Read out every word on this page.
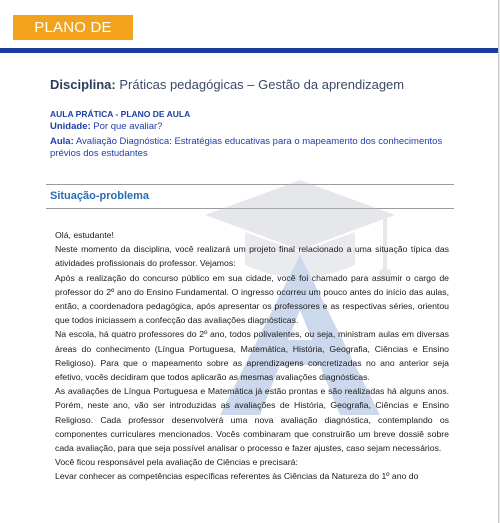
PLANO DE
Disciplina: Práticas pedagógicas – Gestão da aprendizagem
AULA PRÁTICA - PLANO DE AULA
Unidade: Por que avaliar?
Aula: Avaliação Diagnóstica: Estratégias educativas para o mapeamento dos conhecimentos prévios dos estudantes
Situação-problema

Olá, estudante!

Neste momento da disciplina, você realizará um projeto final relacionado a uma situação típica das atividades profissionais do professor. Vejamos:

Após a realização do concurso público em sua cidade, você foi chamado para assumir o cargo de professor do 2º ano do Ensino Fundamental. O ingresso ocorreu um pouco antes do início das aulas, então, a coordenadora pedagógica, após apresentar os professores e as respectivas séries, orientou que todos iniciassem a confecção das avaliações diagnósticas.

Na escola, há quatro professores do 2º ano, todos polivalentes, ou seja, ministram aulas em diversas áreas do conhecimento (Língua Portuguesa, Matemática, História, Geografia, Ciências e Ensino Religioso). Para que o mapeamento sobre as aprendizagens concretizadas no ano anterior seja efetivo, vocês decidiram que todos aplicarão as mesmas avaliações diagnósticas.

As avaliações de Língua Portuguesa e Matemática já estão prontas e são realizadas há alguns anos. Porém, neste ano, vão ser introduzidas as avaliações de História, Geografia, Ciências e Ensino Religioso. Cada professor desenvolverá uma nova avaliação diagnóstica, contemplando os componentes curriculares mencionados. Vocês combinaram que construirão um breve dossiê sobre cada avaliação, para que seja possível analisar o processo e fazer ajustes, caso sejam necessários.

Você ficou responsável pela avaliação de Ciências e precisará:

Levar conhecer as competências específicas referentes às Ciências da Natureza do 1º ano do
